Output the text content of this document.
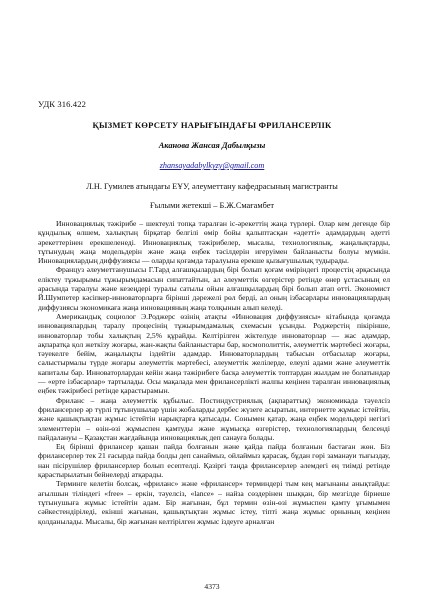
УДК 316.422
ҚЫЗМЕТ КӨРСЕТУ НАРЫҒЫНДАҒЫ ФРИЛАНСЕРЛІК
Аканова Жансая Дабылқызы
zhansayadabylkyzy@gmail.com
Л.Н. Гумилев атындағы ЕҰУ, әлеуметтану кафедрасының магистранты
Ғылыми жетекші – Б.Ж.Смағамбет

Инновациялық тәжірибе – шектеулі топқа таралған іс-әрекеттің жаңа түрлері. Олар кем дегенде бір құндылық өлшем, халықтың бірқатар белгілі өмір бойы қалыптасқан «әдетті» адамдардың әдетті әрекеттерінен ерекшеленеді. Инновациялық тәжірибелер, мысалы, технологиялық, жаңалықтарды, тұтынудың жаңа модельдерін және жаңа еңбек тәсілдерін игеруімен байланысты болуы мүмкін. Инновациялардың диффузиясы — оларды қоғамда таралуына ерекше қызығушылық тудырады.

Француз әлеуметтанушысы Г.Тард алғашқылардың бірі болып қоғам өміріндегі процестің әрқасында еліктеу тұжырымы тұжырымдамасын сипаттайтын, ал әлеуметтік өзгерістер ретінде өнер ұстасының ел арасында таралуы және кезеңдері туралы сатылы ойын алғашқылардың бірі болып атап өтті. Экономист Й.Шумпетер кәсіпкер-инноваторларға бірінші дәрежелі рөл берді, ал оның ізбасарлары инновациялардың диффузиясы экономикаға жаңа инновацияның жаңа толқынын алып келеді.

Американдық социолог Э.Роджерс өзінің атақты «Инновация диффузиясы» кітабында қоғамда инновациялардың таралу процесінің тұжырымдамалық схемасын ұсынды. Роджерстің пікірінше, инноваторлар тобы халықтың 2,5% құрайды. Келтірілген жіктелуде инноваторлар — жас адамдар, ақпаратқа қол жеткізу жоғары, жан-жақты байланыстары бар, космополиттік, әлеуметтік мәртебесі жоғары, тәуекелге бейім, жаңалықты іздейтін адамдар. Инноваторлардың табысын отбасылар жоғары, салыстырмалы түрде жоғары әлеуметтік мәртебесі, әлеуметтік желілерде, елеулі адами және әлеуметтік капиталы бар. Инноваторлардан кейін жаңа тәжірибеге басқа әлеуметтік топтардан жылдам ие болатындар — «ерте ізбасарлар» тартылады. Осы мақалада мен фрилансерлікті жалпы кеңінен таралған инновациялық еңбек тәжірибесі ретінде қарастырамын.

Фриланс – жаңа әлеуметтік құбылыс. Постиндустриялық (ақпараттық) экономикада тәуелсіз фрилансерлер әр түрлі тұтынушылар үшін жобаларды дербес жүзеге асыратын, интернетте жұмыс істейтін, және қашықтықтан жұмыс істейтін нарықтарға қатысады. Сонымен қатар, жаңа еңбек модельдері негізгі элементтерін – өзін-өзі жұмыспен қамтуды және жұмысқа өзгерістер, технологиялардың белсенді пайдалануы – Қазақстан жағдайында инновациялық деп санауға болады.

Ең бірінші фрилансер қашан пайда болғанын және қайда пайда болғанын бастаған жөн. Біз фрилансерлер тек 21 ғасырда пайда болды деп санаймыз, ойлаймыз қарасақ, бұдан гөрі заманауи тығыздау, нан пісірушілер фрилансерлер болып есептелді. Қазіргі таңда фрилансерлер әлемдегі ең тиімді ретінде қарастырылатын бейнелерді атқарады.

Терминге келетін болсақ, «фриланс» және «фрилансер» терминдері тым кең мағынаны анықтайды: ағылшын тіліндегі «free» – еркін, тәуелсіз, «lance» – найза сөздерінен шыққан, бір мезгілде бірнеше тұтынушыға жұмыс істейтін адам. Бір жағынан, бұл термин өзін-өзі жұмыспен қамту ұғымымен сәйкестендіріледі, екінші жағынан, қашықтықтан жұмыс істеу, тіпті жаңа жұмыс орнының кеңінен қолданылады. Мысалы, бір жағынан келтірілген жұмыс іздеуге арналған

4373
